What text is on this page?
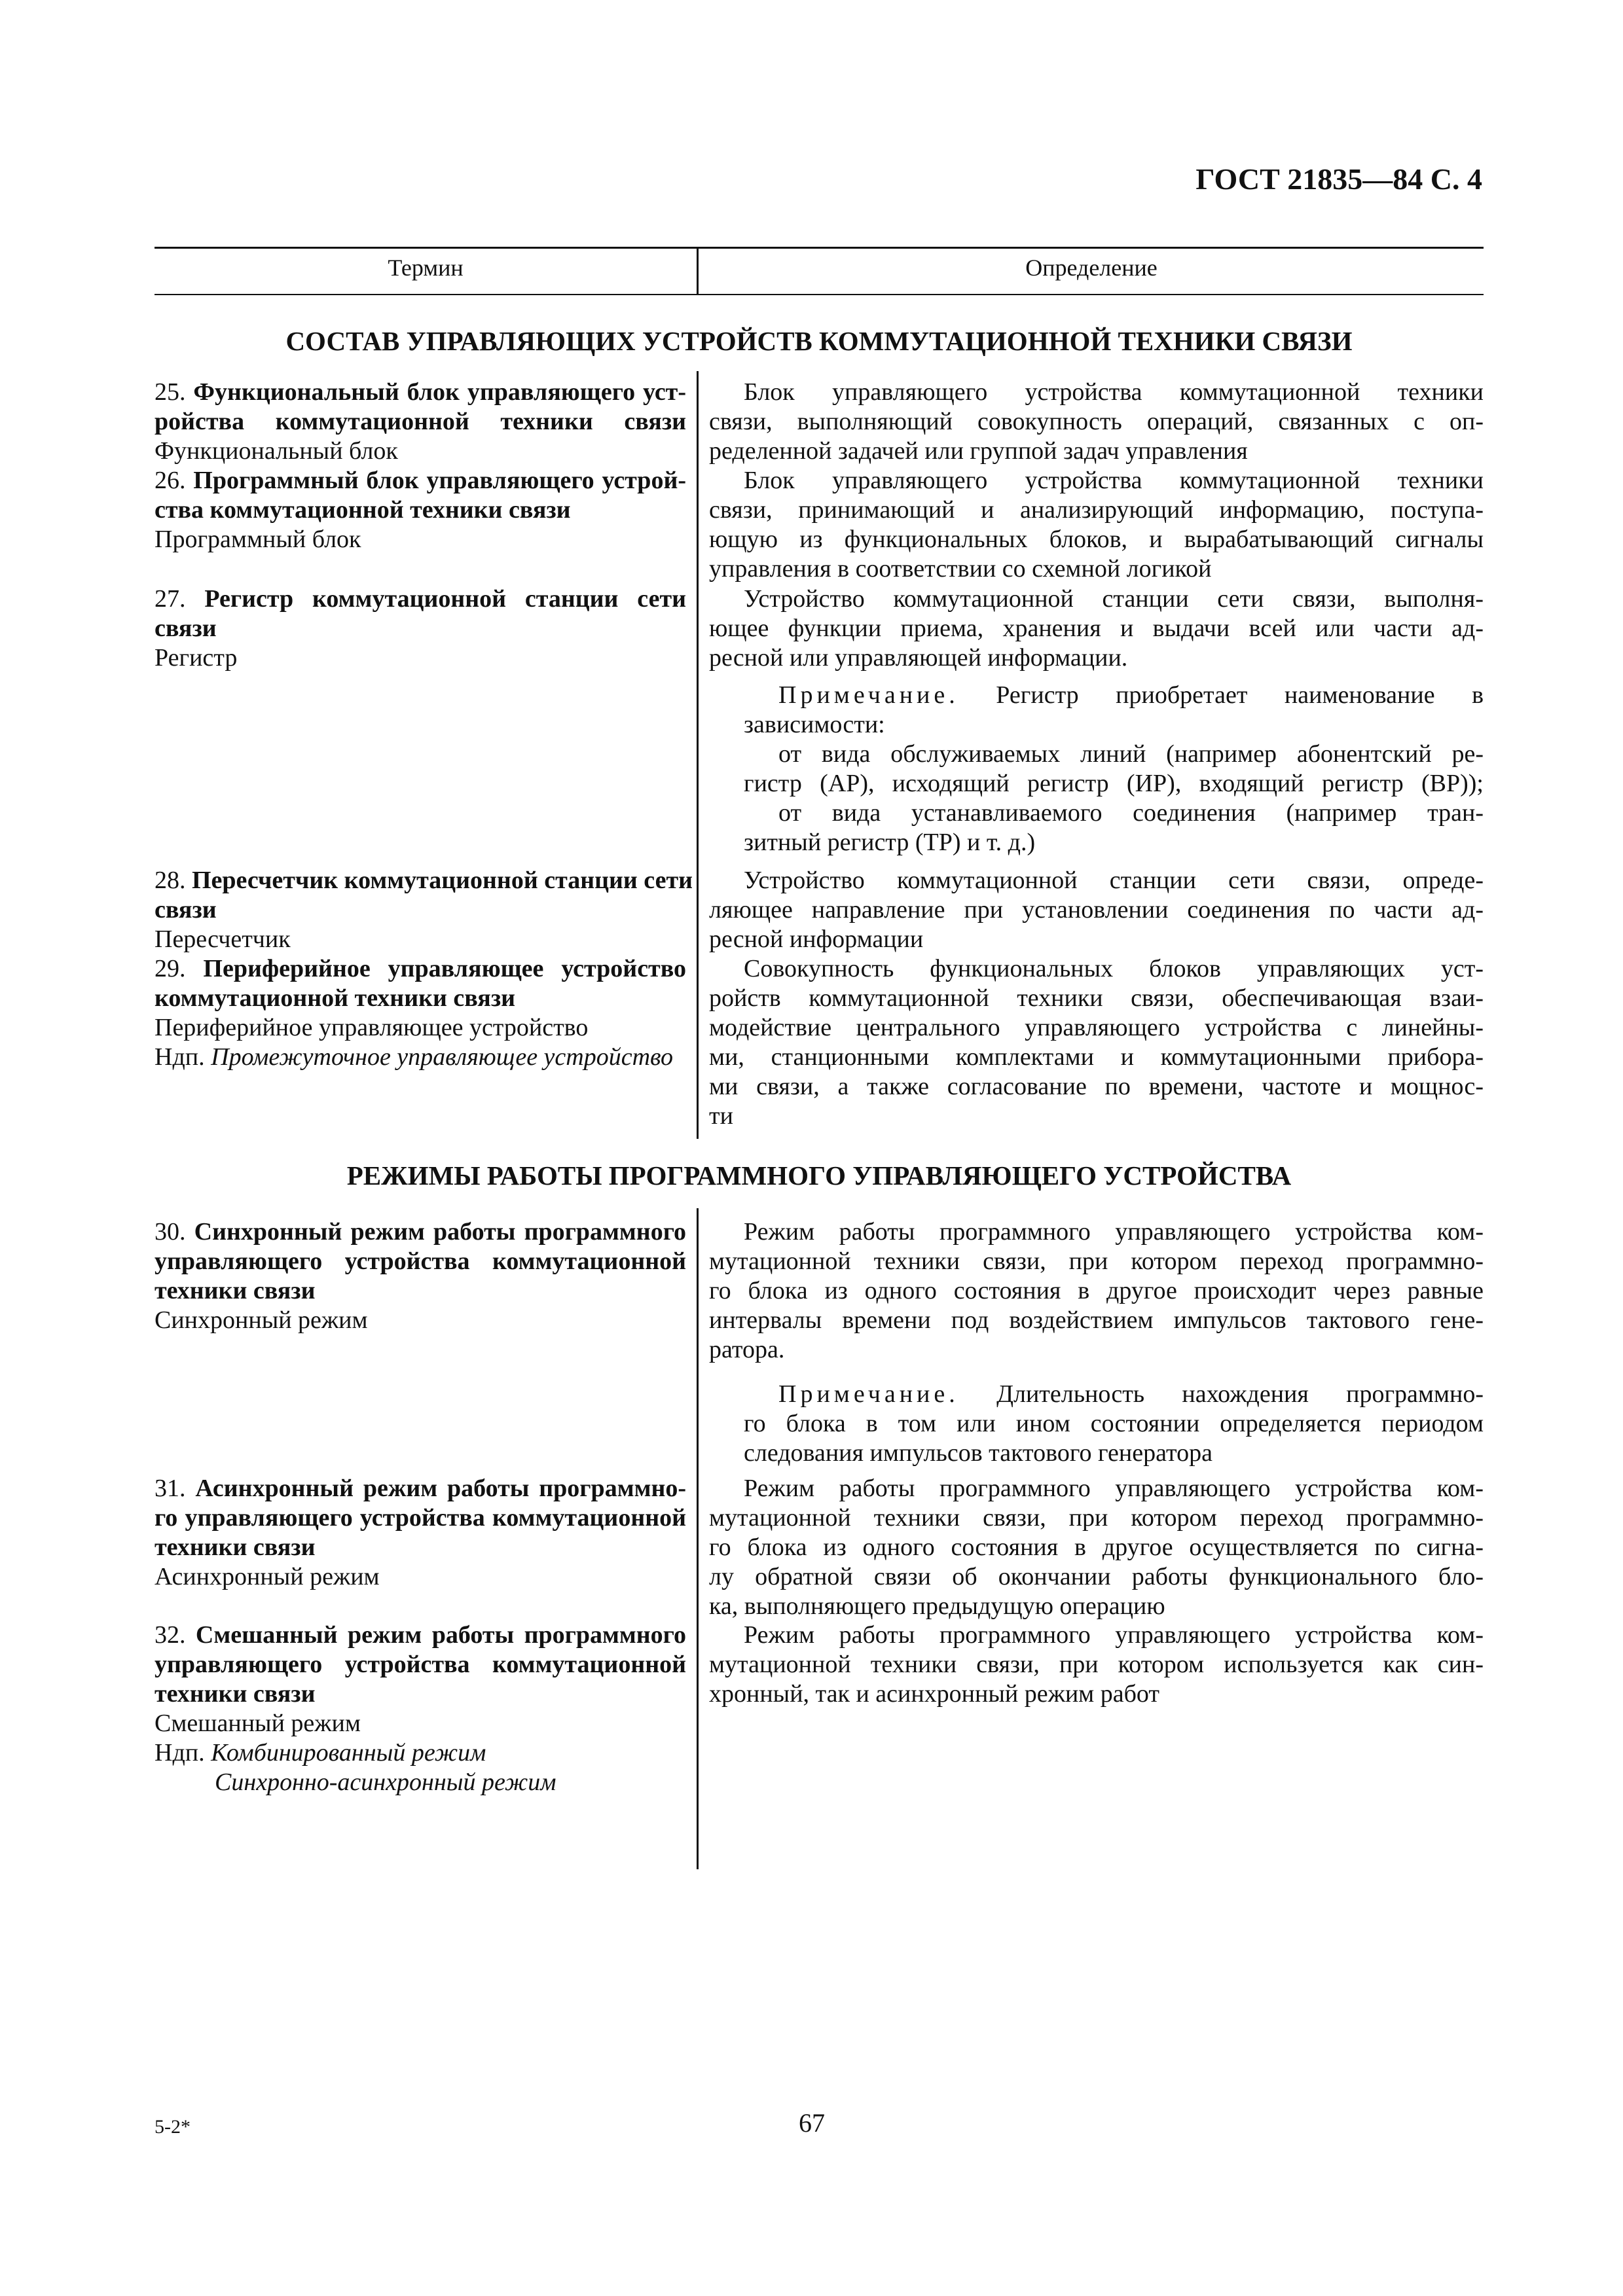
ГОСТ 21835—84 С. 4
Термин	Определение
СОСТАВ УПРАВЛЯЮЩИХ УСТРОЙСТВ КОММУТАЦИОННОЙ ТЕХНИКИ СВЯЗИ
25. Функциональный блок управляющего уст-
ройства коммутационной техники связи
Функциональный блок
Блок управляющего устройства коммутационной техники
связи, выполняющий совокупность операций, связанных с оп-
ределенной задачей или группой задач управления
26. Программный блок управляющего устрой-
ства коммутационной техники связи
Программный блок
Блок управляющего устройства коммутационной техники
связи, принимающий и анализирующий информацию, поступа-
ющую из функциональных блоков, и вырабатывающий сигналы
управления в соответствии со схемной логикой
27. Регистр коммутационной станции сети
связи
Регистр
Устройство коммутационной станции сети связи, выполня-
ющее функции приема, хранения и выдачи всей или части ад-
ресной или управляющей информации.
Примечание. Регистр приобретает наименование в
зависимости:
от вида обслуживаемых линий (например абонентский ре-
гистр (АР), исходящий регистр (ИР), входящий регистр (ВР));
от вида устанавливаемого соединения (например тран-
зитный регистр (ТР) и т. д.)
28. Пересчетчик коммутационной станции сети
связи
Пересчетчик
Устройство коммутационной станции сети связи, опреде-
ляющее направление при установлении соединения по части ад-
ресной информации
29. Периферийное управляющее устройство
коммутационной техники связи
Периферийное управляющее устройство
Ндп. Промежуточное управляющее устройство
Совокупность функциональных блоков управляющих уст-
ройств коммутационной техники связи, обеспечивающая взаи-
модействие центрального управляющего устройства с линейны-
ми, станционными комплектами и коммутационными прибора-
ми связи, а также согласование по времени, частоте и мощнос-
ти
РЕЖИМЫ РАБОТЫ ПРОГРАММНОГО УПРАВЛЯЮЩЕГО УСТРОЙСТВА
30. Синхронный режим работы программного
управляющего устройства коммутационной
техники связи
Синхронный режим
Режим работы программного управляющего устройства ком-
мутационной техники связи, при котором переход программно-
го блока из одного состояния в другое происходит через равные
интервалы времени под воздействием импульсов тактового гене-
ратора.
Примечание. Длительность нахождения программно-
го блока в том или ином состоянии определяется периодом
следования импульсов тактового генератора
31. Асинхронный режим работы программно-
го управляющего устройства коммутационной
техники связи
Асинхронный режим
Режим работы программного управляющего устройства ком-
мутационной техники связи, при котором переход программно-
го блока из одного состояния в другое осуществляется по сигна-
лу обратной связи об окончании работы функционального бло-
ка, выполняющего предыдущую операцию
32. Смешанный режим работы программного
управляющего устройства коммутационной
техники связи
Смешанный режим
Ндп. Комбинированный режим
Синхронно-асинхронный режим
Режим работы программного управляющего устройства ком-
мутационной техники связи, при котором используется как син-
хронный, так и асинхронный режим работ
5-2*	67
